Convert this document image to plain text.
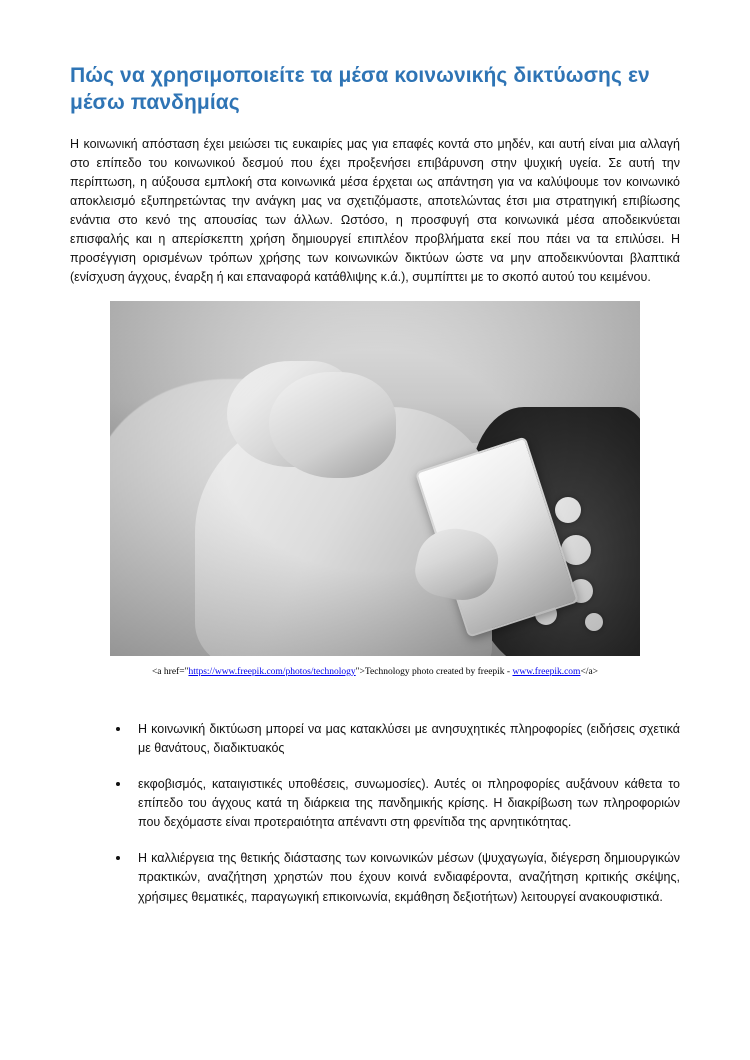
Πώς να χρησιμοποιείτε τα μέσα κοινωνικής δικτύωσης εν μέσω πανδημίας

Η κοινωνική απόσταση έχει μειώσει τις ευκαιρίες μας για επαφές κοντά στο μηδέν, και αυτή είναι μια αλλαγή στο επίπεδο του κοινωνικού δεσμού που έχει προξενήσει επιβάρυνση στην ψυχική υγεία. Σε αυτή την περίπτωση, η αύξουσα εμπλοκή στα κοινωνικά μέσα έρχεται ως απάντηση για να καλύψουμε τον κοινωνικό αποκλεισμό εξυπηρετώντας την ανάγκη μας να σχετιζόμαστε, αποτελώντας έτσι μια στρατηγική επιβίωσης ενάντια στο κενό της απουσίας των άλλων. Ωστόσο, η προσφυγή στα κοινωνικά μέσα αποδεικνύεται επισφαλής και η απερίσκεπτη χρήση δημιουργεί επιπλέον προβλήματα εκεί που πάει να τα επιλύσει. Η προσέγγιση ορισμένων τρόπων χρήσης των κοινωνικών δικτύων ώστε να μην αποδεικνύονται βλαπτικά (ενίσχυση άγχους, έναρξη ή και επαναφορά κατάθλιψης κ.ά.), συμπίπτει με το σκοπό αυτού του κειμένου.

<a href="https://www.freepik.com/photos/technology">Technology photo created by freepik - www.freepik.com</a>
Η κοινωνική δικτύωση μπορεί να μας κατακλύσει με ανησυχητικές πληροφορίες (ειδήσεις σχετικά με θανάτους, διαδικτυακός
εκφοβισμός, καταιγιστικές υποθέσεις, συνωμοσίες). Αυτές οι πληροφορίες αυξάνουν κάθετα το επίπεδο του άγχους κατά τη διάρκεια της πανδημικής κρίσης. Η διακρίβωση των πληροφοριών που δεχόμαστε είναι προτεραιότητα απέναντι στη φρενίτιδα της αρνητικότητας.
Η καλλιέργεια της θετικής διάστασης των κοινωνικών μέσων (ψυχαγωγία, διέγερση δημιουργικών πρακτικών, αναζήτηση χρηστών που έχουν κοινά ενδιαφέροντα, αναζήτηση κριτικής σκέψης, χρήσιμες θεματικές, παραγωγική επικοινωνία, εκμάθηση δεξιοτήτων) λειτουργεί ανακουφιστικά.
